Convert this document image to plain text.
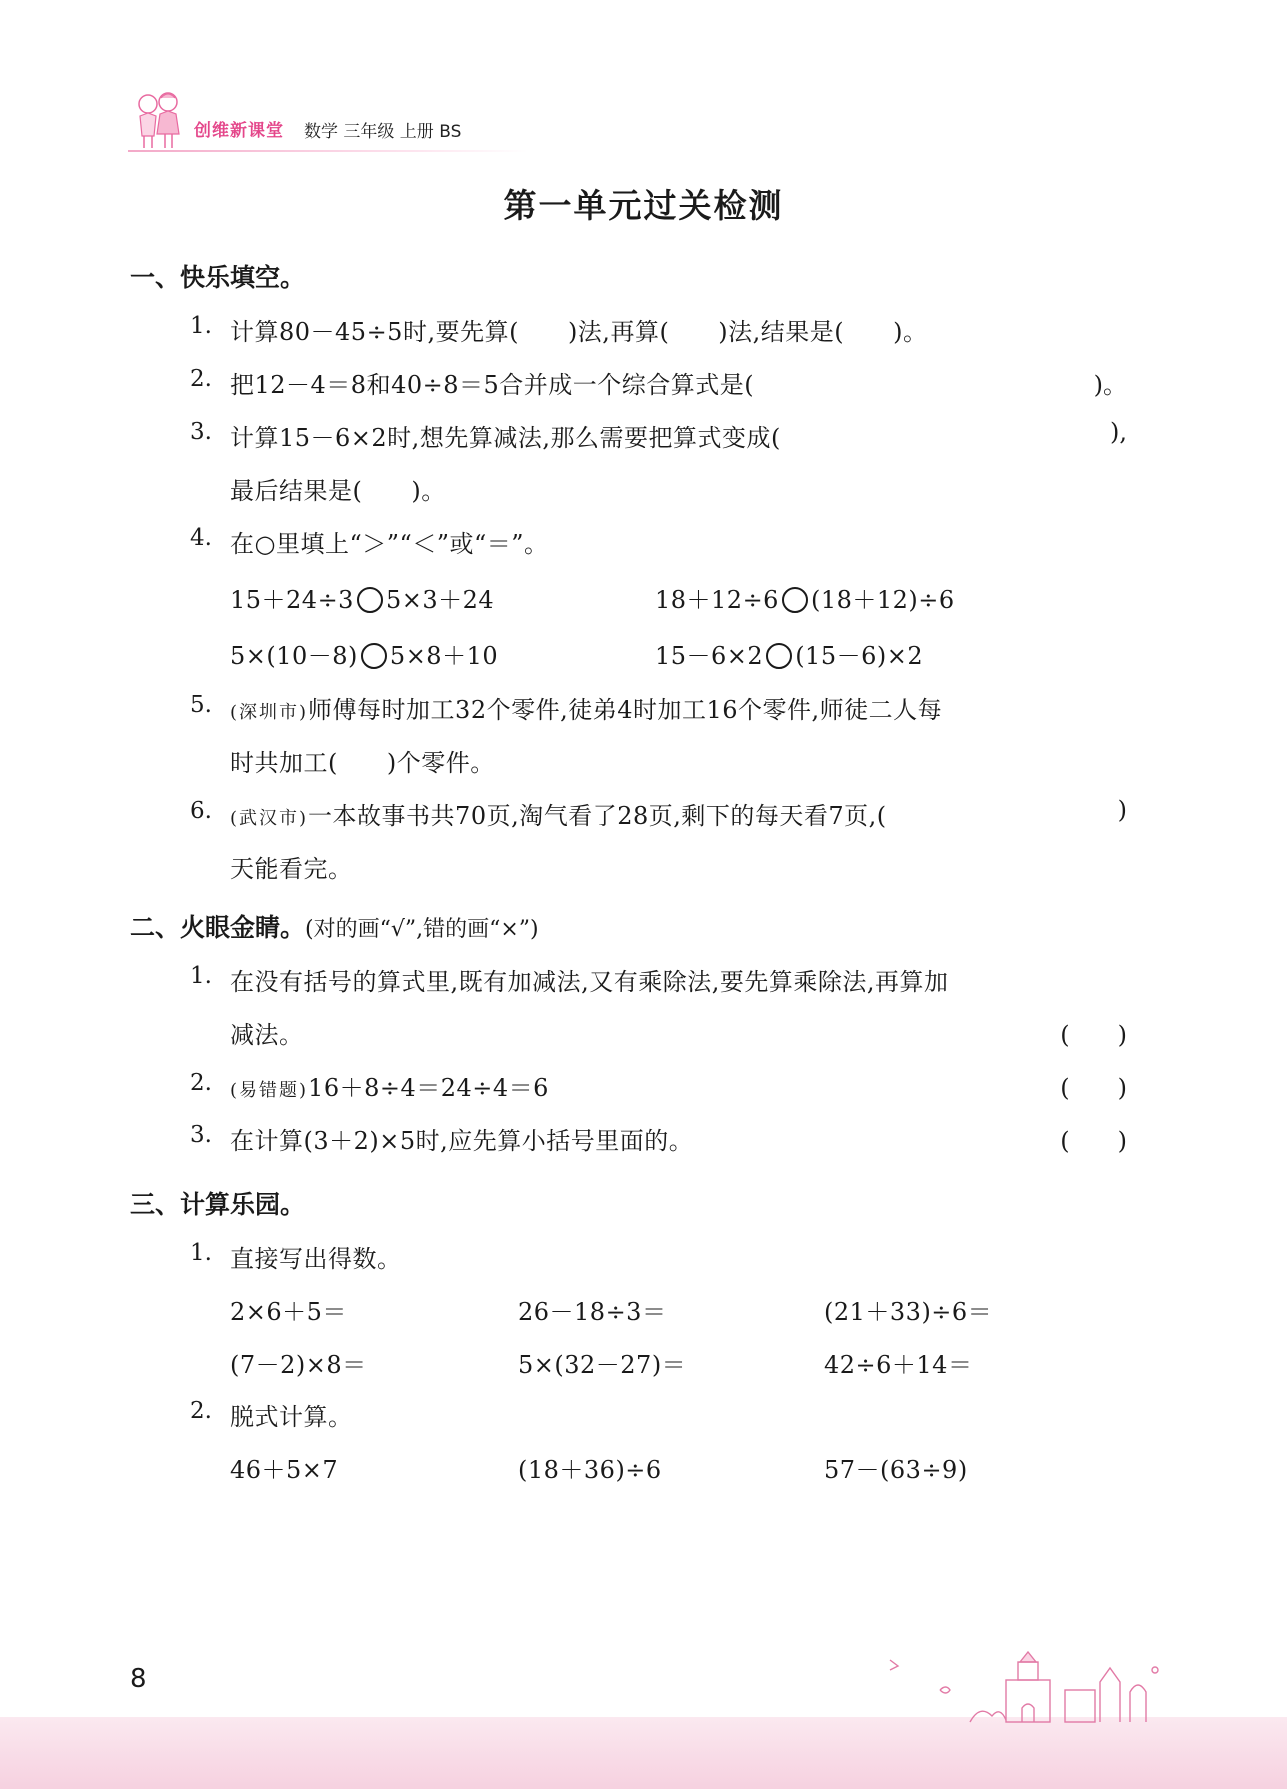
创维新课堂 数学 三年级 上册 BS
第一单元过关检测
一、快乐填空。
1. 计算80－45÷5时,要先算(　　)法,再算(　　)法,结果是(　　)。
2. 把12－4＝8和40÷8＝5合并成一个综合算式是(	)。
3. 计算15－6×2时,想先算减法,那么需要把算式变成(	),
最后结果是(　　)。
4. 在○里填上“＞”“＜”或“＝”。
15＋24÷3 5×3＋24	18＋12÷6 (18＋12)÷6
5×(10－8) 5×8＋10	15－6×2 (15－6)×2
5. (深圳市)师傅每时加工32个零件,徒弟4时加工16个零件,师徒二人每
时共加工(　　)个零件。
6. (武汉市)一本故事书共70页,淘气看了28页,剩下的每天看7页,(	)
天能看完。
二、火眼金睛。(对的画“√”,错的画“×”)
1. 在没有括号的算式里,既有加减法,又有乘除法,要先算乘除法,再算加
减法。	(　　)
2. (易错题)16＋8÷4＝24÷4＝6	(　　)
3. 在计算(3＋2)×5时,应先算小括号里面的。	(　　)
三、计算乐园。
1. 直接写出得数。
2×6＋5＝	26－18÷3＝	(21＋33)÷6＝
(7－2)×8＝	5×(32－27)＝	42÷6＋14＝
2. 脱式计算。
46＋5×7	(18＋36)÷6	57－(63÷9)
8
